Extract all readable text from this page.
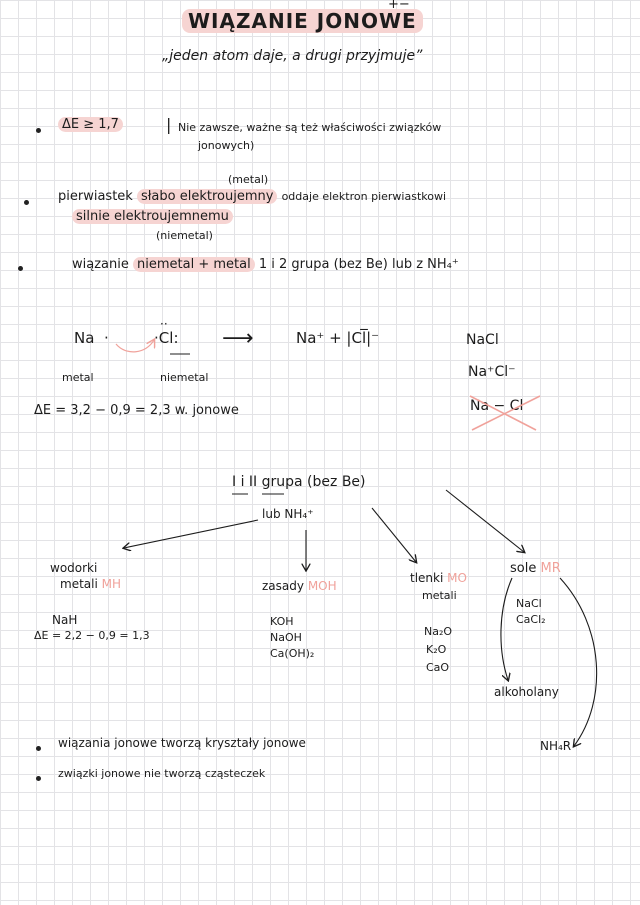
WIĄZANIE JONOWE
+−
„jeden atom daje, a drugi przyjmuje”
ΔE ≥ 1,7	| Nie zawsze, ważne są też właściwości związków
jonowych)
(metal)
pierwiastek słabo elektroujemny oddaje elektron pierwiastkowi
silnie elektroujemnemu
(niemetal)
wiązanie niemetal + metal 1 i 2 grupa (bez Be) lub z NH₄⁺
Na ·
··
·Cl: ⟶	Na⁺ + |Cl̅|⁻
metal	niemetal
ΔE = 3,2 − 0,9 = 2,3 w. jonowe
NaCl
Na⁺Cl⁻
Na − Cl
I i II grupa (bez Be)
lub NH₄⁺
wodorki
metali MH
NaH
ΔE = 2,2 − 0,9 = 1,3
zasady MOH
KOH
NaOH
Ca(OH)₂
tlenki MO
metali
Na₂O
K₂O
CaO
sole MR
NaCl
CaCl₂
alkoholany
NH₄R
wiązania jonowe tworzą kryształy jonowe
związki jonowe nie tworzą cząsteczek
